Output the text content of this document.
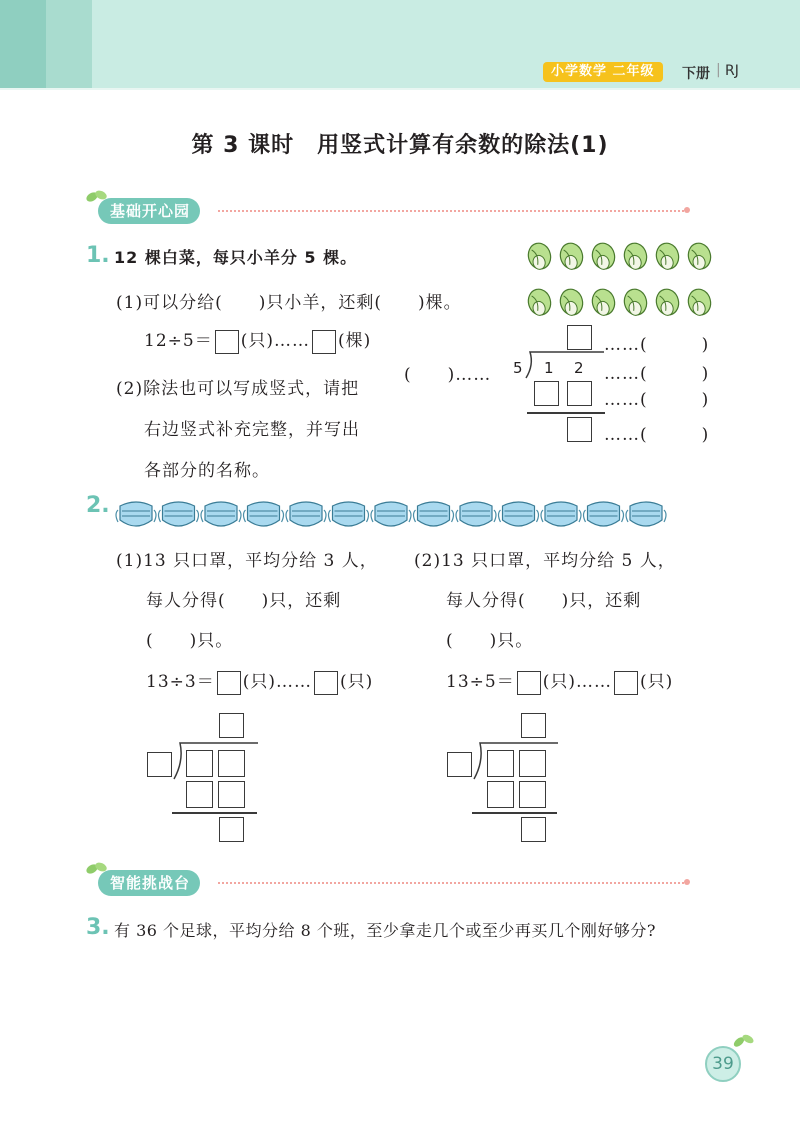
小学数学 二年级	下册 | RJ
第 3 课时　用竖式计算有余数的除法(1)
基础开心园
1. 12 棵白菜，每只小羊分 5 棵。
(1)可以分给(　　)只小羊，还剩(　　)棵。
12÷5＝ (只)…… (棵)
(2)除法也可以写成竖式，请把
右边竖式补充完整，并写出
各部分的名称。
……(　　　)
(　　)…… 5 1 2 ……(　　　)
……(　　　)
……(　　　)
2.
(1)13 只口罩，平均分给 3 人，
每人分得(　　)只，还剩
(　　)只。
13÷3＝ (只)…… (只)
(2)13 只口罩，平均分给 5 人，
每人分得(　　)只，还剩
(　　)只。
13÷5＝ (只)…… (只)
智能挑战台
3. 有 36 个足球，平均分给 8 个班，至少拿走几个或至少再买几个刚好够分?
39
